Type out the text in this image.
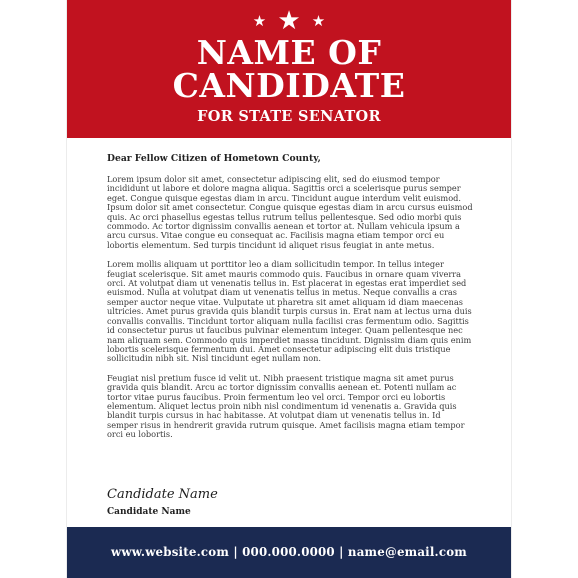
★ ★ ★
NAME OF
CANDIDATE
FOR STATE SENATOR

Dear Fellow Citizen of Hometown County,

Lorem ipsum dolor sit amet, consectetur adipiscing elit, sed do eiusmod tempor incididunt ut labore et dolore magna aliqua. Sagittis orci a scelerisque purus semper eget. Congue quisque egestas diam in arcu. Tincidunt augue interdum velit euismod. Ipsum dolor sit amet consectetur. Congue quisque egestas diam in arcu cursus euismod quis. Ac orci phasellus egestas tellus rutrum tellus pellentesque. Sed odio morbi quis commodo. Ac tortor dignissim convallis aenean et tortor at. Nullam vehicula ipsum a arcu cursus. Vitae congue eu consequat ac. Facilisis magna etiam tempor orci eu lobortis elementum. Sed turpis tincidunt id aliquet risus feugiat in ante metus.

Lorem mollis aliquam ut porttitor leo a diam sollicitudin tempor. In tellus integer feugiat scelerisque. Sit amet mauris commodo quis. Faucibus in ornare quam viverra orci. At volutpat diam ut venenatis tellus in. Est placerat in egestas erat imperdiet sed euismod. Nulla at volutpat diam ut venenatis tellus in metus. Neque convallis a cras semper auctor neque vitae. Vulputate ut pharetra sit amet aliquam id diam maecenas ultricies. Amet purus gravida quis blandit turpis cursus in. Erat nam at lectus urna duis convallis convallis. Tincidunt tortor aliquam nulla facilisi cras fermentum odio. Sagittis id consectetur purus ut faucibus pulvinar elementum integer. Quam pellentesque nec nam aliquam sem. Commodo quis imperdiet massa tincidunt. Dignissim diam quis enim lobortis scelerisque fermentum dui. Amet consectetur adipiscing elit duis tristique sollicitudin nibh sit. Nisl tincidunt eget nullam non.

Feugiat nisl pretium fusce id velit ut. Nibh praesent tristique magna sit amet purus gravida quis blandit. Arcu ac tortor dignissim convallis aenean et. Potenti nullam ac tortor vitae purus faucibus. Proin fermentum leo vel orci. Tempor orci eu lobortis elementum. Aliquet lectus proin nibh nisl condimentum id venenatis a. Gravida quis blandit turpis cursus in hac habitasse. At volutpat diam ut venenatis tellus in. Id semper risus in hendrerit gravida rutrum quisque. Amet facilisis magna etiam tempor orci eu lobortis.

Candidate Name
Candidate Name
www.website.com | 000.000.0000 | name@email.com
